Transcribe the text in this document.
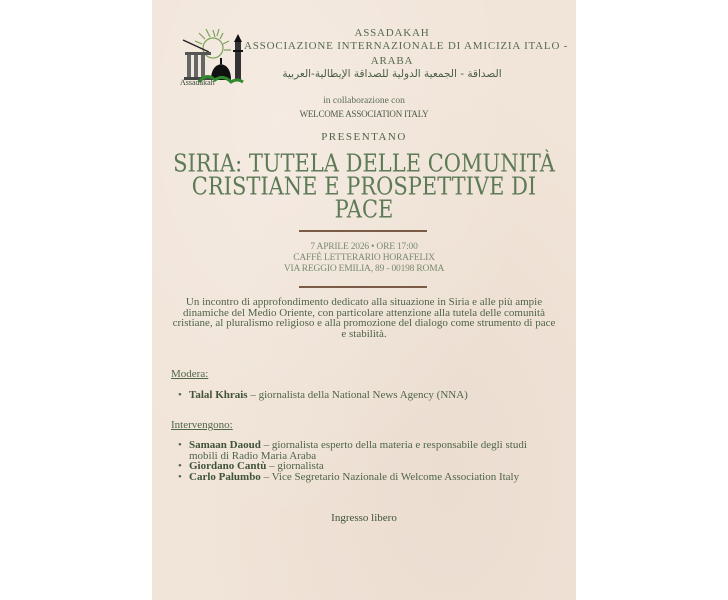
Assadakah
ASSADAKAH
ASSOCIAZIONE INTERNAZIONALE DI AMICIZIA ITALO -
ARABA
الصداقة - الجمعية الدولية للصداقة الإيطالية-العربية
in collaborazione con
WELCOME ASSOCIATION ITALY
PRESENTANO
SIRIA: TUTELA DELLE COMUNITÀ
CRISTIANE E PROSPETTIVE DI
PACE
7 APRILE 2026 • ORE 17:00
CAFFÈ LETTERARIO HORAFELIX
VIA REGGIO EMILIA, 89 - 00198 ROMA
Un incontro di approfondimento dedicato alla situazione in Siria e alle più ampie dinamiche del Medio Oriente, con particolare attenzione alla tutela delle comunità cristiane, al pluralismo religioso e alla promozione del dialogo come strumento di pace e stabilità.
Modera:
• Talal Khrais – giornalista della National News Agency (NNA)
Intervengono:
• Samaan Daoud – giornalista esperto della materia e responsabile degli studi mobili di Radio Maria Araba
• Giordano Cantù – giornalista
• Carlo Palumbo – Vice Segretario Nazionale di Welcome Association Italy
Ingresso libero
